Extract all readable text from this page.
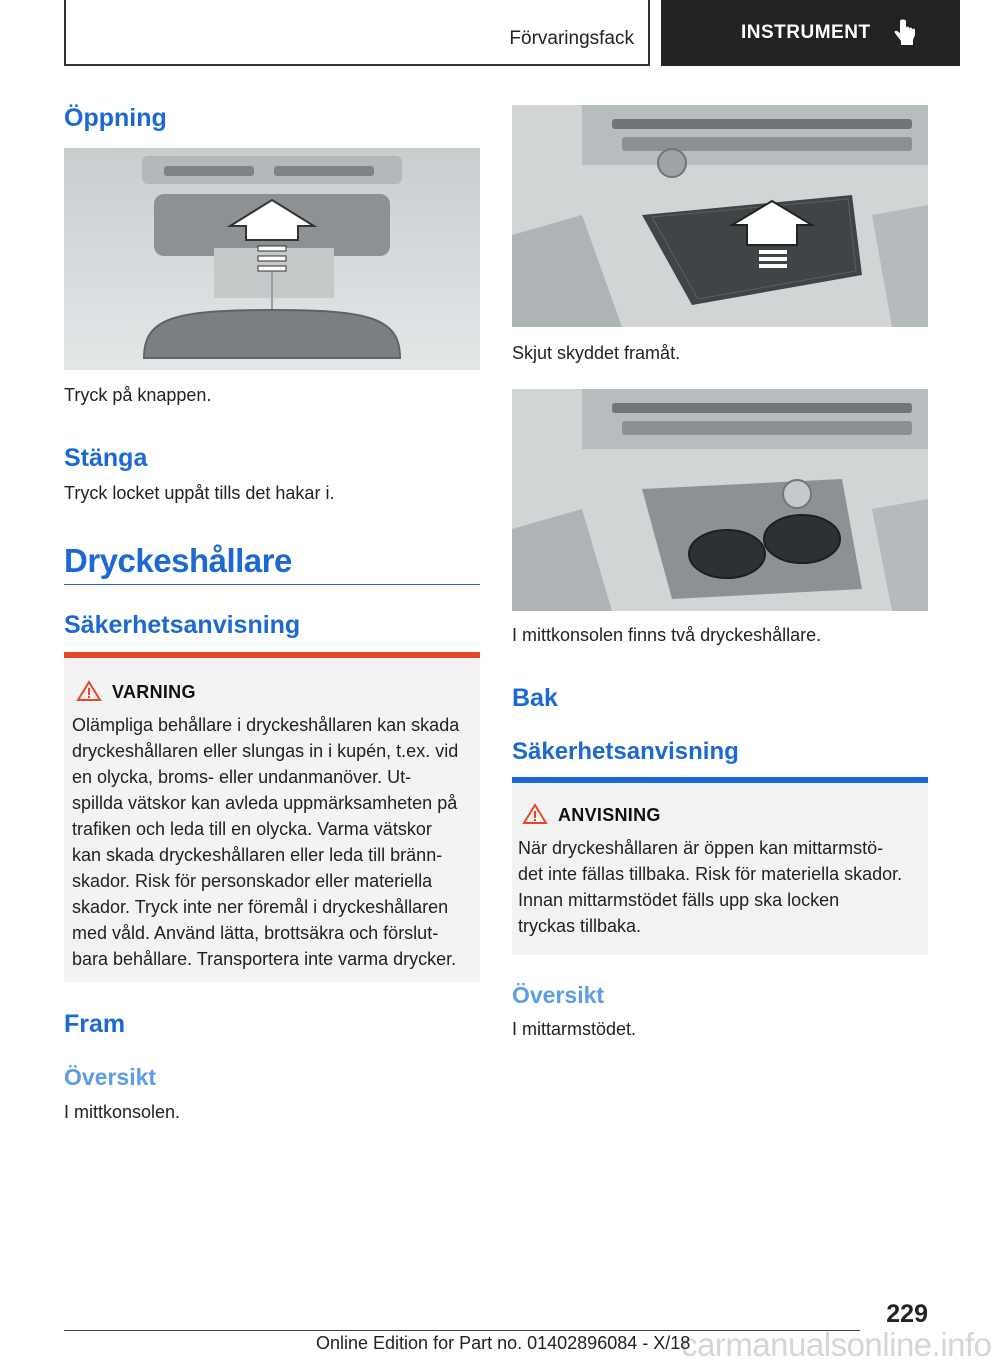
Förvaringsfack	INSTRUMENT
Öppning
Tryck på knappen.
Stänga
Tryck locket uppåt tills det hakar i.
Dryckeshållare
Säkerhetsanvisning
VARNING
Olämpliga behållare i dryckeshållaren kan skada
dryckeshållaren eller slungas in i kupén, t.ex. vid
en olycka, broms- eller undanmanöver. Ut-
spillda vätskor kan avleda uppmärksamheten på
trafiken och leda till en olycka. Varma vätskor
kan skada dryckeshållaren eller leda till bränn-
skador. Risk för personskador eller materiella
skador. Tryck inte ner föremål i dryckeshållaren
med våld. Använd lätta, brottsäkra och förslut-
bara behållare. Transportera inte varma drycker.
Fram
Översikt
I mittkonsolen.
Skjut skyddet framåt.
I mittkonsolen finns två dryckeshållare.
Bak
Säkerhetsanvisning
ANVISNING
När dryckeshållaren är öppen kan mittarmstö-
det inte fällas tillbaka. Risk för materiella skador.
Innan mittarmstödet fälls upp ska locken
tryckas tillbaka.
Översikt
I mittarmstödet.
229
carmanualsonline.info
Online Edition for Part no. 01402896084 - X/18
